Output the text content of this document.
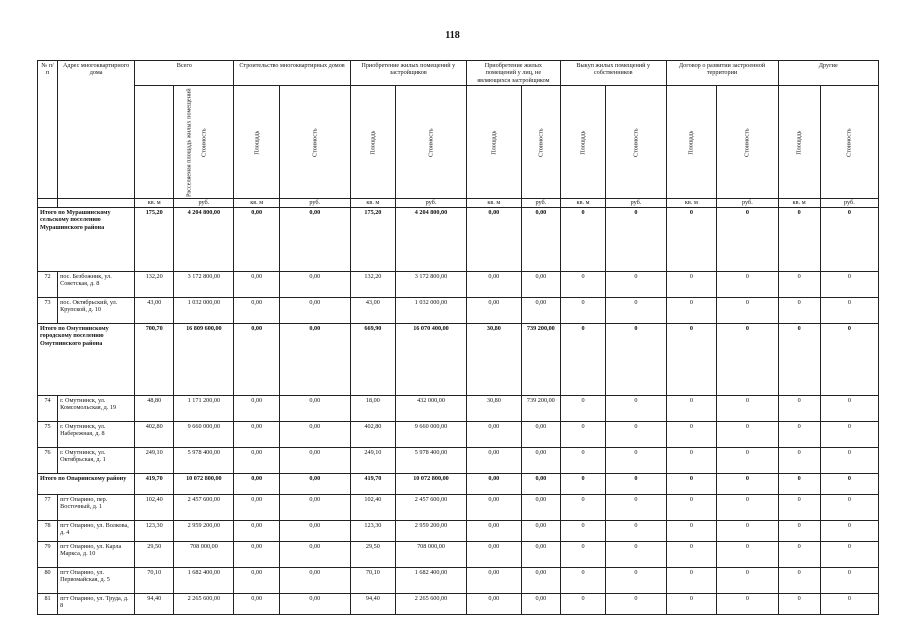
118
№ п/п	Адрес многоквартирного дома	Всего		Строительство многоквартирных домов		Приобретение жилых помещений у застройщиков		Приобретение жилых помещений у лиц, не являющихся застройщиком		Выкуп жилых помещений у собственников		Договор о развитии застроенной территории		Другие	
		Расселяемая площадь жилых помещений	Стоимость	Площадь	Стоимость	Площадь	Стоимость	Площадь	Стоимость	Площадь	Стоимость	Площадь	Стоимость	Площадь	Стоимость
		кв. м	руб.	кв. м	руб.	кв. м	руб.	кв. м	руб.	кв. м	руб.	кв. м	руб.	кв. м	руб.
Итого по Мурашинскому сельскому поселению Мурашинского района		175,20	4 204 800,00	0,00	0,00	175,20	4 204 800,00	0,00	0,00	0	0	0	0	0	0
72	пос. Безбожник, ул. Советская, д. 8	132,20	3 172 800,00	0,00	0,00	132,20	3 172 800,00	0,00	0,00	0	0	0	0	0	0
73	пос. Октябрьский, ул. Крупской, д. 10	43,00	1 032 000,00	0,00	0,00	43,00	1 032 000,00	0,00	0,00	0	0	0	0	0	0
Итого по Омутнинскому городскому поселению Омутнинского района		700,70	16 809 600,00	0,00	0,00	669,90	16 070 400,00	30,80	739 200,00	0	0	0	0	0	0
74	г. Омутнинск, ул. Комсомольская, д. 19	48,80	1 171 200,00	0,00	0,00	18,00	432 000,00	30,80	739 200,00	0	0	0	0	0	0
75	г. Омутнинск, ул. Набережная, д. 8	402,80	9 660 000,00	0,00	0,00	402,80	9 660 000,00	0,00	0,00	0	0	0	0	0	0
76	г. Омутнинск, ул. Октябрьская, д. 1	249,10	5 978 400,00	0,00	0,00	249,10	5 978 400,00	0,00	0,00	0	0	0	0	0	0
Итого по Опаринскому району		419,70	10 072 800,00	0,00	0,00	419,70	10 072 800,00	0,00	0,00	0	0	0	0	0	0
77	пгт Опарино, пер. Восточный, д. 1	102,40	2 457 600,00	0,00	0,00	102,40	2 457 600,00	0,00	0,00	0	0	0	0	0	0
78	пгт Опарино, ул. Волкова, д. 4	123,30	2 959 200,00	0,00	0,00	123,30	2 959 200,00	0,00	0,00	0	0	0	0	0	0
79	пгт Опарино, ул. Карла Маркса, д. 10	29,50	708 000,00	0,00	0,00	29,50	708 000,00	0,00	0,00	0	0	0	0	0	0
80	пгт Опарино, ул. Первомайская, д. 5	70,10	1 682 400,00	0,00	0,00	70,10	1 682 400,00	0,00	0,00	0	0	0	0	0	0
81	пгт Опарино, ул. Труда, д. 8	94,40	2 265 600,00	0,00	0,00	94,40	2 265 600,00	0,00	0,00	0	0	0	0	0	0
